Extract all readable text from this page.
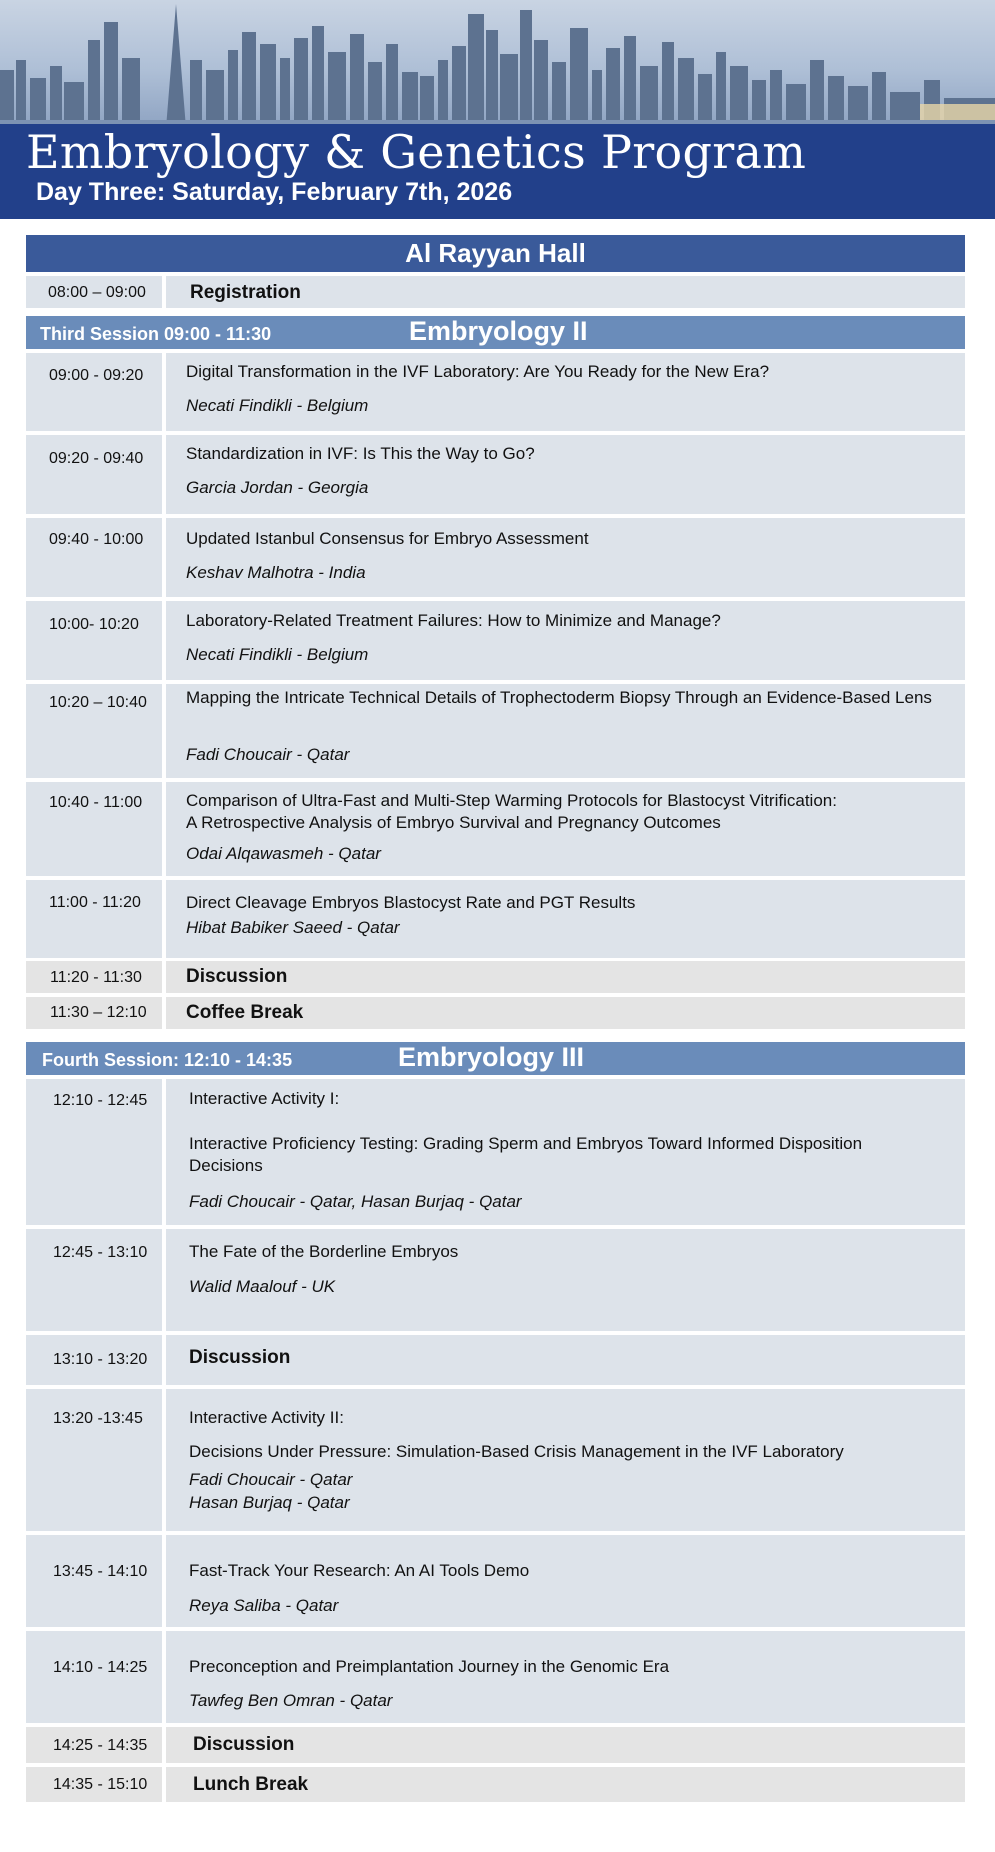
Embryology & Genetics Program
Day Three: Saturday, February 7th, 2026
Al Rayyan Hall
08:00 – 09:00 Registration
Third Session 09:00 - 11:30	Embryology II
09:00 - 09:20	Digital Transformation in the IVF Laboratory: Are You Ready for the New Era?
Necati Findikli - Belgium
09:20 - 09:40	Standardization in IVF: Is This the Way to Go?
Garcia Jordan - Georgia
09:40 - 10:00	Updated Istanbul Consensus for Embryo Assessment
Keshav Malhotra - India
10:00- 10:20	Laboratory-Related Treatment Failures: How to Minimize and Manage?
Necati Findikli - Belgium
10:20 – 10:40 Mapping the Intricate Technical Details of Trophectoderm Biopsy Through an Evidence-Based Lens
Fadi Choucair - Qatar
10:40 - 11:00	Comparison of Ultra-Fast and Multi-Step Warming Protocols for Blastocyst Vitrification:
A Retrospective Analysis of Embryo Survival and Pregnancy Outcomes
Odai Alqawasmeh - Qatar
11:00 - 11:20	Direct Cleavage Embryos Blastocyst Rate and PGT Results
Hibat Babiker Saeed - Qatar
11:20 - 11:30 Discussion
11:30 – 12:10 Coffee Break
Fourth Session: 12:10 - 14:35	Embryology III
12:10 - 12:45 Interactive Activity I:
Interactive Proficiency Testing: Grading Sperm and Embryos Toward Informed Disposition Decisions
Fadi Choucair - Qatar, Hasan Burjaq - Qatar
12:45 - 13:10 The Fate of the Borderline Embryos
Walid Maalouf - UK
13:10 - 13:20 Discussion
13:20 -13:45	Interactive Activity II:
Decisions Under Pressure: Simulation-Based Crisis Management in the IVF Laboratory
Fadi Choucair - Qatar
Hasan Burjaq - Qatar
13:45 - 14:10 Fast-Track Your Research: An AI Tools Demo
Reya Saliba - Qatar
14:10 - 14:25 Preconception and Preimplantation Journey in the Genomic Era
Tawfeg Ben Omran - Qatar
14:25 - 14:35 Discussion
14:35 - 15:10 Lunch Break
